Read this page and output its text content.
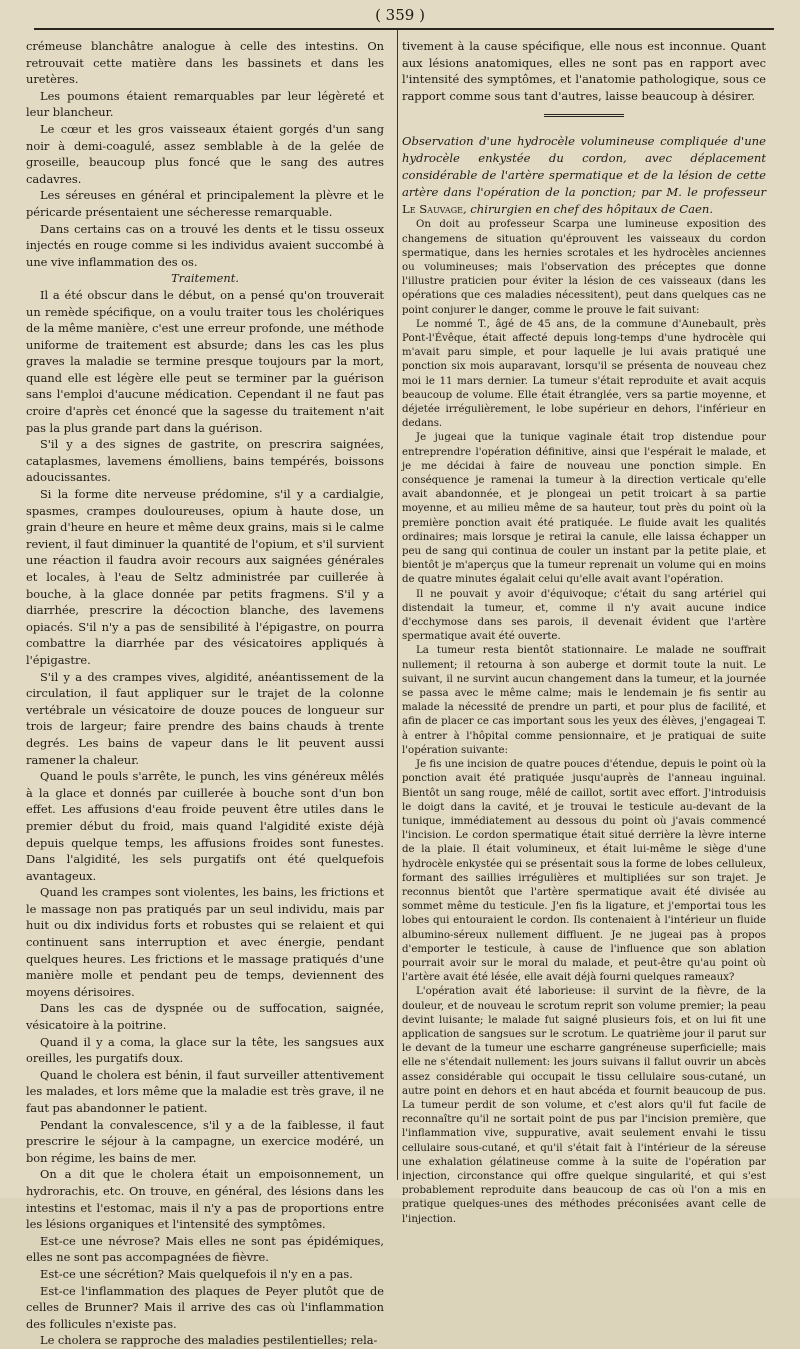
( 359 )

crémeuse blanchâtre analogue à celle des intestins. On retrouvait cette matière dans les bassinets et dans les uretères.

Les poumons étaient remarquables par leur légèreté et leur blancheur.

Le cœur et les gros vaisseaux étaient gorgés d'un sang noir à demi-coagulé, assez semblable à de la gelée de groseille, beaucoup plus foncé que le sang des autres cadavres.

Les séreuses en général et principalement la plèvre et le péricarde présentaient une sécheresse remarquable.

Dans certains cas on a trouvé les dents et le tissu osseux injectés en rouge comme si les individus avaient succombé à une vive inflammation des os.

Traitement.

Il a été obscur dans le début, on a pensé qu'on trouverait un remède spécifique, on a voulu traiter tous les cholériques de la même manière, c'est une erreur profonde, une méthode uniforme de traitement est absurde; dans les cas les plus graves la maladie se termine presque toujours par la mort, quand elle est légère elle peut se terminer par la guérison sans l'emploi d'aucune médication. Cependant il ne faut pas croire d'après cet énoncé que la sagesse du traitement n'ait pas la plus grande part dans la guérison.

S'il y a des signes de gastrite, on prescrira saignées, cataplasmes, lavemens émolliens, bains tempérés, boissons adoucissantes.

Si la forme dite nerveuse prédomine, s'il y a cardialgie, spasmes, crampes douloureuses, opium à haute dose, un grain d'heure en heure et même deux grains, mais si le calme revient, il faut diminuer la quantité de l'opium, et s'il survient une réaction il faudra avoir recours aux saignées générales et locales, à l'eau de Seltz administrée par cuillerée à bouche, à la glace donnée par petits fragmens. S'il y a diarrhée, prescrire la décoction blanche, des lavemens opiacés. S'il n'y a pas de sensibilité à l'épigastre, on pourra combattre la diarrhée par des vésicatoires appliqués à l'épigastre.

S'il y a des crampes vives, algidité, anéantissement de la circulation, il faut appliquer sur le trajet de la colonne vertébrale un vésicatoire de douze pouces de longueur sur trois de largeur; faire prendre des bains chauds à trente degrés. Les bains de vapeur dans le lit peuvent aussi ramener la chaleur.

Quand le pouls s'arrête, le punch, les vins généreux mêlés à la glace et donnés par cuillerée à bouche sont d'un bon effet. Les affusions d'eau froide peuvent être utiles dans le premier début du froid, mais quand l'algidité existe déjà depuis quelque temps, les affusions froides sont funestes. Dans l'algidité, les sels purgatifs ont été quelquefois avantageux.

Quand les crampes sont violentes, les bains, les frictions et le massage non pas pratiqués par un seul individu, mais par huit ou dix individus forts et robustes qui se relaient et qui continuent sans interruption et avec énergie, pendant quelques heures. Les frictions et le massage pratiqués d'une manière molle et pendant peu de temps, deviennent des moyens dérisoires.

Dans les cas de dyspnée ou de suffocation, saignée, vésicatoire à la poitrine.

Quand il y a coma, la glace sur la tête, les sangsues aux oreilles, les purgatifs doux.

Quand le cholera est bénin, il faut surveiller attentivement les malades, et lors même que la maladie est très grave, il ne faut pas abandonner le patient.

Pendant la convalescence, s'il y a de la faiblesse, il faut prescrire le séjour à la campagne, un exercice modéré, un bon régime, les bains de mer.

On a dit que le cholera était un empoisonnement, un hydrorachis, etc. On trouve, en général, des lésions dans les intestins et l'estomac, mais il n'y a pas de proportions entre les lésions organiques et l'intensité des symptômes.

Est-ce une névrose? Mais elles ne sont pas épidémiques, elles ne sont pas accompagnées de fièvre.

Est-ce une sécrétion? Mais quelquefois il n'y en a pas.

Est-ce l'inflammation des plaques de Peyer plutôt que de celles de Brunner? Mais il arrive des cas où l'inflammation des follicules n'existe pas.

Le cholera se rapproche des maladies pestilentielles; rela-

tivement à la cause spécifique, elle nous est inconnue. Quant aux lésions anatomiques, elles ne sont pas en rapport avec l'intensité des symptômes, et l'anatomie pathologique, sous ce rapport comme sous tant d'autres, laisse beaucoup à désirer.

Observation d'une hydrocèle volumineuse compliquée d'une hydrocèle enkystée du cordon, avec déplacement considérable de l'artère spermatique et de la lésion de cette artère dans l'opération de la ponction; par M. le professeur Le Sauvage, chirurgien en chef des hôpitaux de Caen.

On doit au professeur Scarpa une lumineuse exposition des changemens de situation qu'éprouvent les vaisseaux du cordon spermatique, dans les hernies scrotales et les hydrocèles anciennes ou volumineuses; mais l'observation des préceptes que donne l'illustre praticien pour éviter la lésion de ces vaisseaux (dans les opérations que ces maladies nécessitent), peut dans quelques cas ne point conjurer le danger, comme le prouve le fait suivant:

Le nommé T., âgé de 45 ans, de la commune d'Aunebault, près Pont-l'Évêque, était affecté depuis long-temps d'une hydrocèle qui m'avait paru simple, et pour laquelle je lui avais pratiqué une ponction six mois auparavant, lorsqu'il se présenta de nouveau chez moi le 11 mars dernier. La tumeur s'était reproduite et avait acquis beaucoup de volume. Elle était étranglée, vers sa partie moyenne, et déjetée irrégulièrement, le lobe supérieur en dehors, l'inférieur en dedans.

Je jugeai que la tunique vaginale était trop distendue pour entreprendre l'opération définitive, ainsi que l'espérait le malade, et je me décidai à faire de nouveau une ponction simple. En conséquence je ramenai la tumeur à la direction verticale qu'elle avait abandonnée, et je plongeai un petit troicart à sa partie moyenne, et au milieu même de sa hauteur, tout près du point où la première ponction avait été pratiquée. Le fluide avait les qualités ordinaires; mais lorsque je retirai la canule, elle laissa échapper un peu de sang qui continua de couler un instant par la petite plaie, et bientôt je m'aperçus que la tumeur reprenait un volume qui en moins de quatre minutes égalait celui qu'elle avait avant l'opération.

Il ne pouvait y avoir d'équivoque; c'était du sang artériel qui distendait la tumeur, et, comme il n'y avait aucune indice d'ecchymose dans ses parois, il devenait évident que l'artère spermatique avait été ouverte.

La tumeur resta bientôt stationnaire. Le malade ne souffrait nullement; il retourna à son auberge et dormit toute la nuit. Le suivant, il ne survint aucun changement dans la tumeur, et la journée se passa avec le même calme; mais le lendemain je fis sentir au malade la nécessité de prendre un parti, et pour plus de facilité, et afin de placer ce cas important sous les yeux des élèves, j'engageai T. à entrer à l'hôpital comme pensionnaire, et je pratiquai de suite l'opération suivante:

Je fis une incision de quatre pouces d'étendue, depuis le point où la ponction avait été pratiquée jusqu'auprès de l'anneau inguinal. Bientôt un sang rouge, mêlé de caillot, sortit avec effort. J'introduisis le doigt dans la cavité, et je trouvai le testicule au-devant de la tunique, immédiatement au dessous du point où j'avais commencé l'incision. Le cordon spermatique était situé derrière la lèvre interne de la plaie. Il était volumineux, et était lui-même le siège d'une hydrocèle enkystée qui se présentait sous la forme de lobes celluleux, formant des saillies irrégulières et multipliées sur son trajet. Je reconnus bientôt que l'artère spermatique avait été divisée au sommet même du testicule. J'en fis la ligature, et j'emportai tous les lobes qui entouraient le cordon. Ils contenaient à l'intérieur un fluide albumino-séreux nullement diffluent. Je ne jugeai pas à propos d'emporter le testicule, à cause de l'influence que son ablation pourrait avoir sur le moral du malade, et peut-être qu'au point où l'artère avait été lésée, elle avait déjà fourni quelques rameaux?

L'opération avait été laborieuse: il survint de la fièvre, de la douleur, et de nouveau le scrotum reprit son volume premier; la peau devint luisante; le malade fut saigné plusieurs fois, et on lui fit une application de sangsues sur le scrotum. Le quatrième jour il parut sur le devant de la tumeur une escharre gangréneuse superficielle; mais elle ne s'étendait nullement: les jours suivans il fallut ouvrir un abcès assez considérable qui occupait le tissu cellulaire sous-cutané, un autre point en dehors et en haut abcéda et fournit beaucoup de pus. La tumeur perdit de son volume, et c'est alors qu'il fut facile de reconnaître qu'il ne sortait point de pus par l'incision première, que l'inflammation vive, suppurative, avait seulement envahi le tissu cellulaire sous-cutané, et qu'il s'était fait à l'intérieur de la séreuse une exhalation gélatineuse comme à la suite de l'opération par injection, circonstance qui offre quelque singularité, et qui s'est probablement reproduite dans beaucoup de cas où l'on a mis en pratique quelques-unes des méthodes préconisées avant celle de l'injection.
